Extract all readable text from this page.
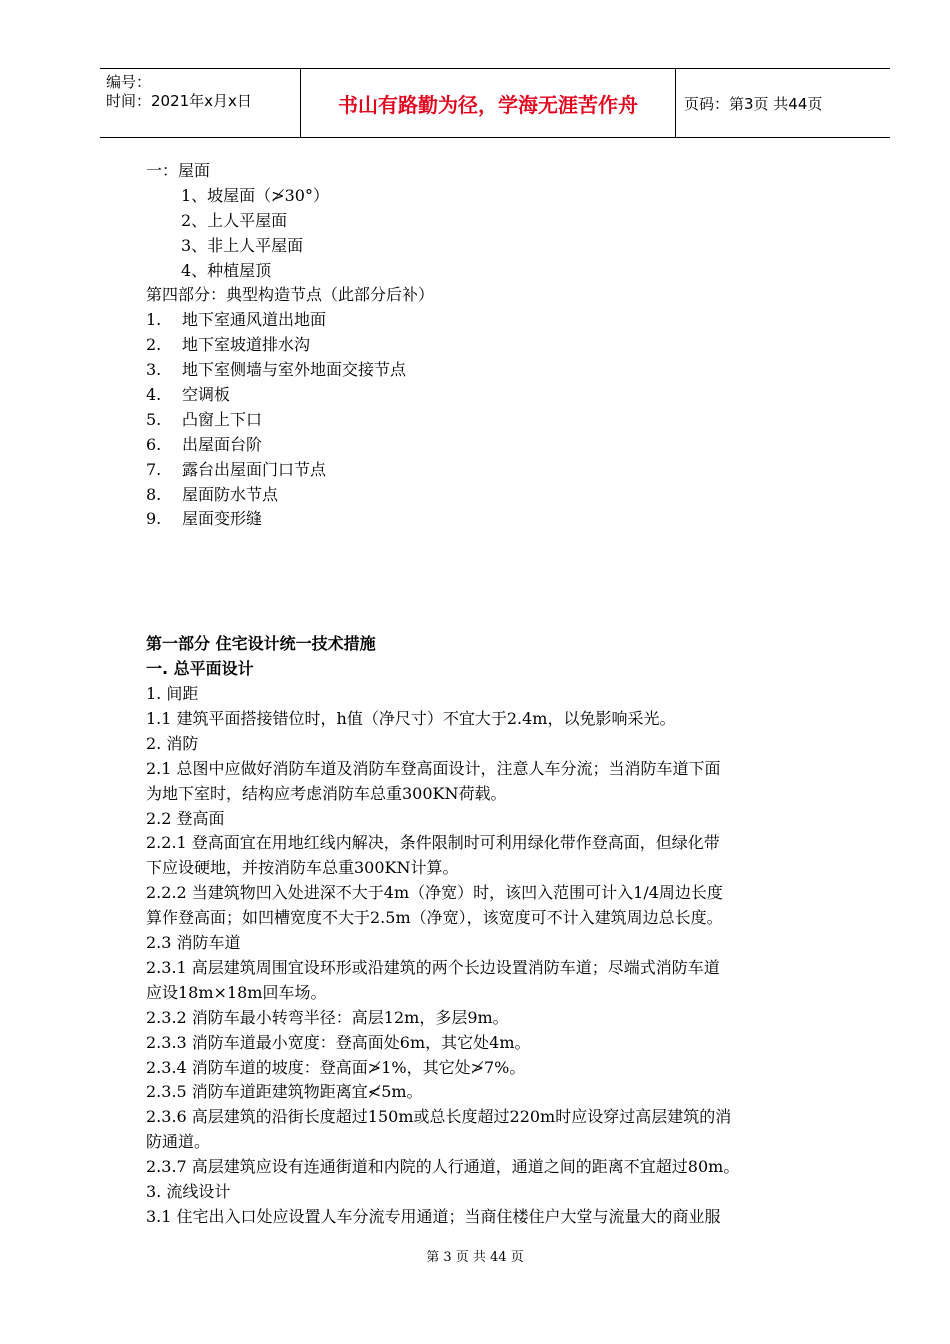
编号：
时间：2021年x月x日	书山有路勤为径，学海无涯苦作舟	页码：第3页 共44页
一：屋面
1、坡屋面（≯30°）
2、上人平屋面
3、非上人平屋面
4、种植屋顶
第四部分：典型构造节点（此部分后补）
1. 地下室通风道出地面
2. 地下室坡道排水沟
3. 地下室侧墙与室外地面交接节点
4. 空调板
5. 凸窗上下口
6. 出屋面台阶
7. 露台出屋面门口节点
8. 屋面防水节点
9. 屋面变形缝
第一部分 住宅设计统一技术措施
一. 总平面设计
1. 间距
1.1 建筑平面搭接错位时，h值（净尺寸）不宜大于2.4m，以免影响采光。
2. 消防
2.1 总图中应做好消防车道及消防车登高面设计，注意人车分流；当消防车道下面
为地下室时，结构应考虑消防车总重300KN荷载。
2.2 登高面
2.2.1 登高面宜在用地红线内解决，条件限制时可利用绿化带作登高面，但绿化带
下应设硬地，并按消防车总重300KN计算。
2.2.2 当建筑物凹入处进深不大于4m（净宽）时，该凹入范围可计入1/4周边长度
算作登高面；如凹槽宽度不大于2.5m（净宽），该宽度可不计入建筑周边总长度。
2.3 消防车道
2.3.1 高层建筑周围宜设环形或沿建筑的两个长边设置消防车道；尽端式消防车道
应设18m×18m回车场。
2.3.2 消防车最小转弯半径：高层12m，多层9m。
2.3.3 消防车道最小宽度：登高面处6m，其它处4m。
2.3.4 消防车道的坡度：登高面≯1%，其它处≯7%。
2.3.5 消防车道距建筑物距离宜≮5m。
2.3.6 高层建筑的沿街长度超过150m或总长度超过220m时应设穿过高层建筑的消
防通道。
2.3.7 高层建筑应设有连通街道和内院的人行通道，通道之间的距离不宜超过80m。
3. 流线设计
3.1 住宅出入口处应设置人车分流专用通道；当商住楼住户大堂与流量大的商业服
第 3 页 共 44 页
